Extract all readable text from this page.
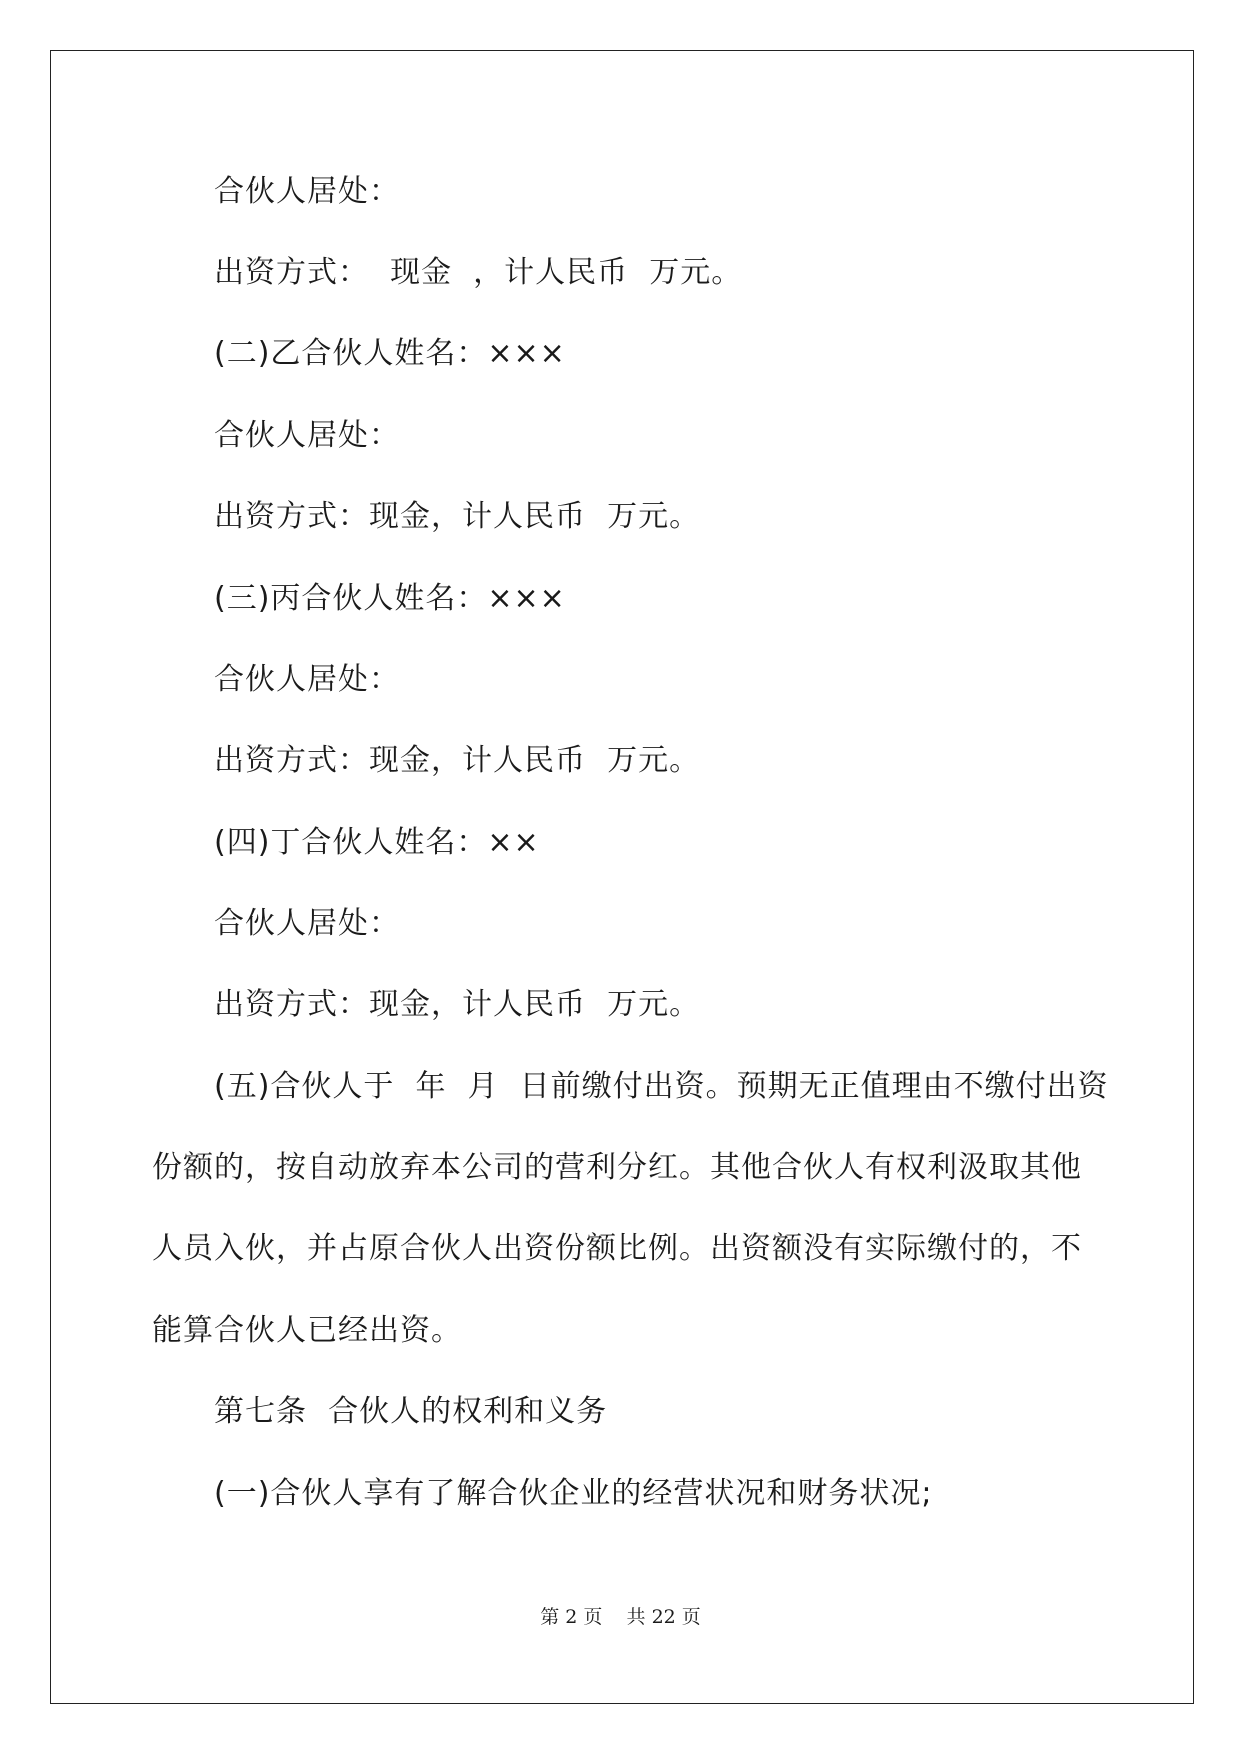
合伙人居处：
出资方式：  现金  ，计人民币  万元。
(二)乙合伙人姓名：×××
合伙人居处：
出资方式：现金，计人民币  万元。
(三)丙合伙人姓名：×××
合伙人居处：
出资方式：现金，计人民币  万元。
(四)丁合伙人姓名：××
合伙人居处：
出资方式：现金，计人民币  万元。
(五)合伙人于  年  月  日前缴付出资。预期无正值理由不缴付出资
份额的，按自动放弃本公司的营利分红。其他合伙人有权利汲取其他
人员入伙，并占原合伙人出资份额比例。出资额没有实际缴付的，不
能算合伙人已经出资。
第七条  合伙人的权利和义务
(一)合伙人享有了解合伙企业的经营状况和财务状况;
第 2 页    共 22 页
